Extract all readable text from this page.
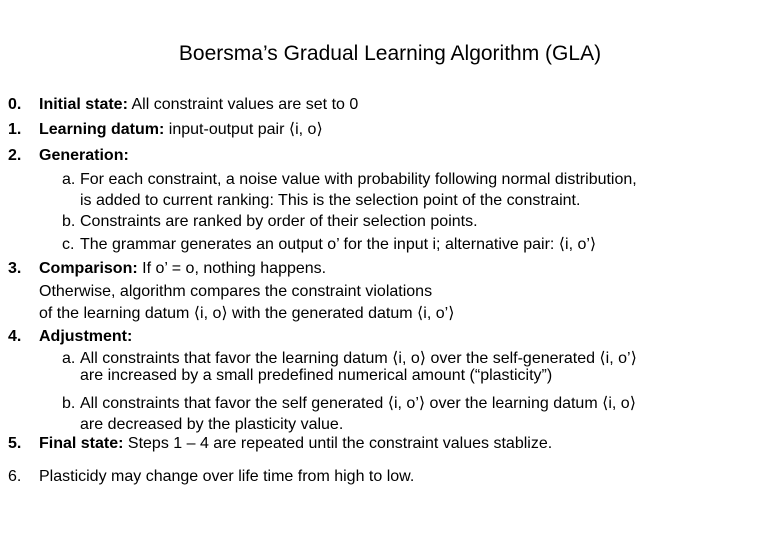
Boersma’s Gradual Learning Algorithm (GLA)
0. Initial state: All constraint values are set to 0
1. Learning datum: input-output pair ⟨i, o⟩
2. Generation:
a. For each constraint, a noise value with probability following normal distribution,
is added to current ranking: This is the selection point of the constraint.
b. Constraints are ranked by order of their selection points.
c. The grammar generates an output o’ for the input i; alternative pair: ⟨i, o’⟩
3. Comparison: If o’ = o, nothing happens.
Otherwise, algorithm compares the constraint violations
of the learning datum ⟨i, o⟩ with the generated datum ⟨i, o’⟩
4. Adjustment:
a. All constraints that favor the learning datum ⟨i, o⟩ over the self-generated ⟨i, o’⟩
are increased by a small predefined numerical amount (“plasticity”)
b. All constraints that favor the self generated ⟨i, o’⟩ over the learning datum ⟨i, o⟩
are decreased by the plasticity value.
5. Final state: Steps 1 – 4 are repeated until the constraint values stablize.
6. Plasticidy may change over life time from high to low.
